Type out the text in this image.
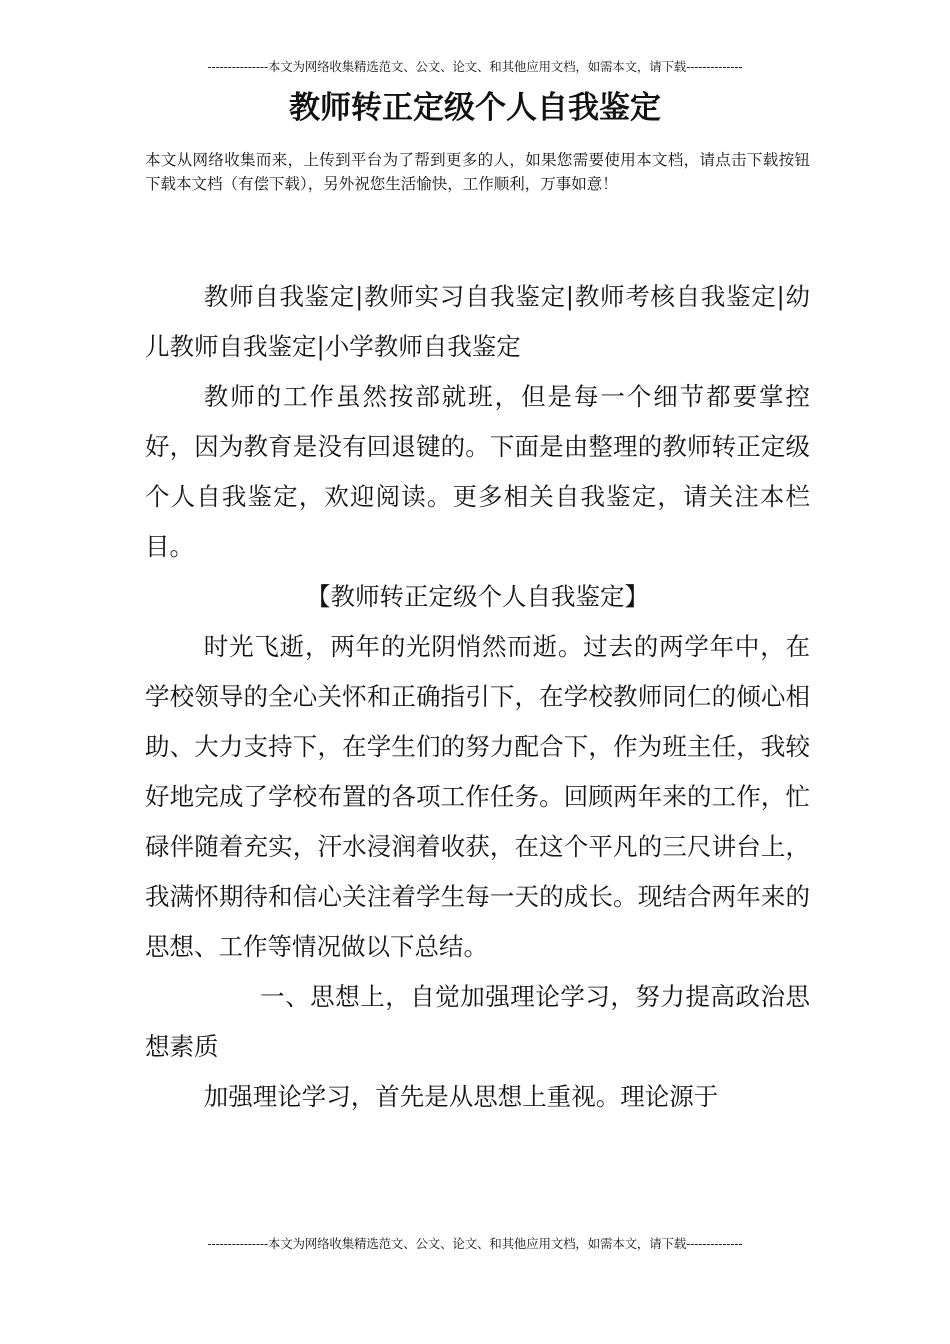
---------------本文为网络收集精选范文、公文、论文、和其他应用文档，如需本文，请下载--------------
教师转正定级个人自我鉴定

本文从网络收集而来，上传到平台为了帮到更多的人，如果您需要使用本文档，请点击下载按钮下载本文档（有偿下载），另外祝您生活愉快，工作顺利，万事如意！

教师自我鉴定|教师实习自我鉴定|教师考核自我鉴定|幼儿教师自我鉴定|小学教师自我鉴定

教师的工作虽然按部就班，但是每一个细节都要掌控好，因为教育是没有回退键的。下面是由整理的教师转正定级个人自我鉴定，欢迎阅读。更多相关自我鉴定，请关注本栏目。

【教师转正定级个人自我鉴定】

时光飞逝，两年的光阴悄然而逝。过去的两学年中，在学校领导的全心关怀和正确指引下，在学校教师同仁的倾心相助、大力支持下，在学生们的努力配合下，作为班主任，我较好地完成了学校布置的各项工作任务。回顾两年来的工作，忙碌伴随着充实，汗水浸润着收获，在这个平凡的三尺讲台上，我满怀期待和信心关注着学生每一天的成长。现结合两年来的思想、工作等情况做以下总结。

一、思想上，自觉加强理论学习，努力提高政治思想素质

加强理论学习，首先是从思想上重视。理论源于

---------------本文为网络收集精选范文、公文、论文、和其他应用文档，如需本文，请下载--------------
